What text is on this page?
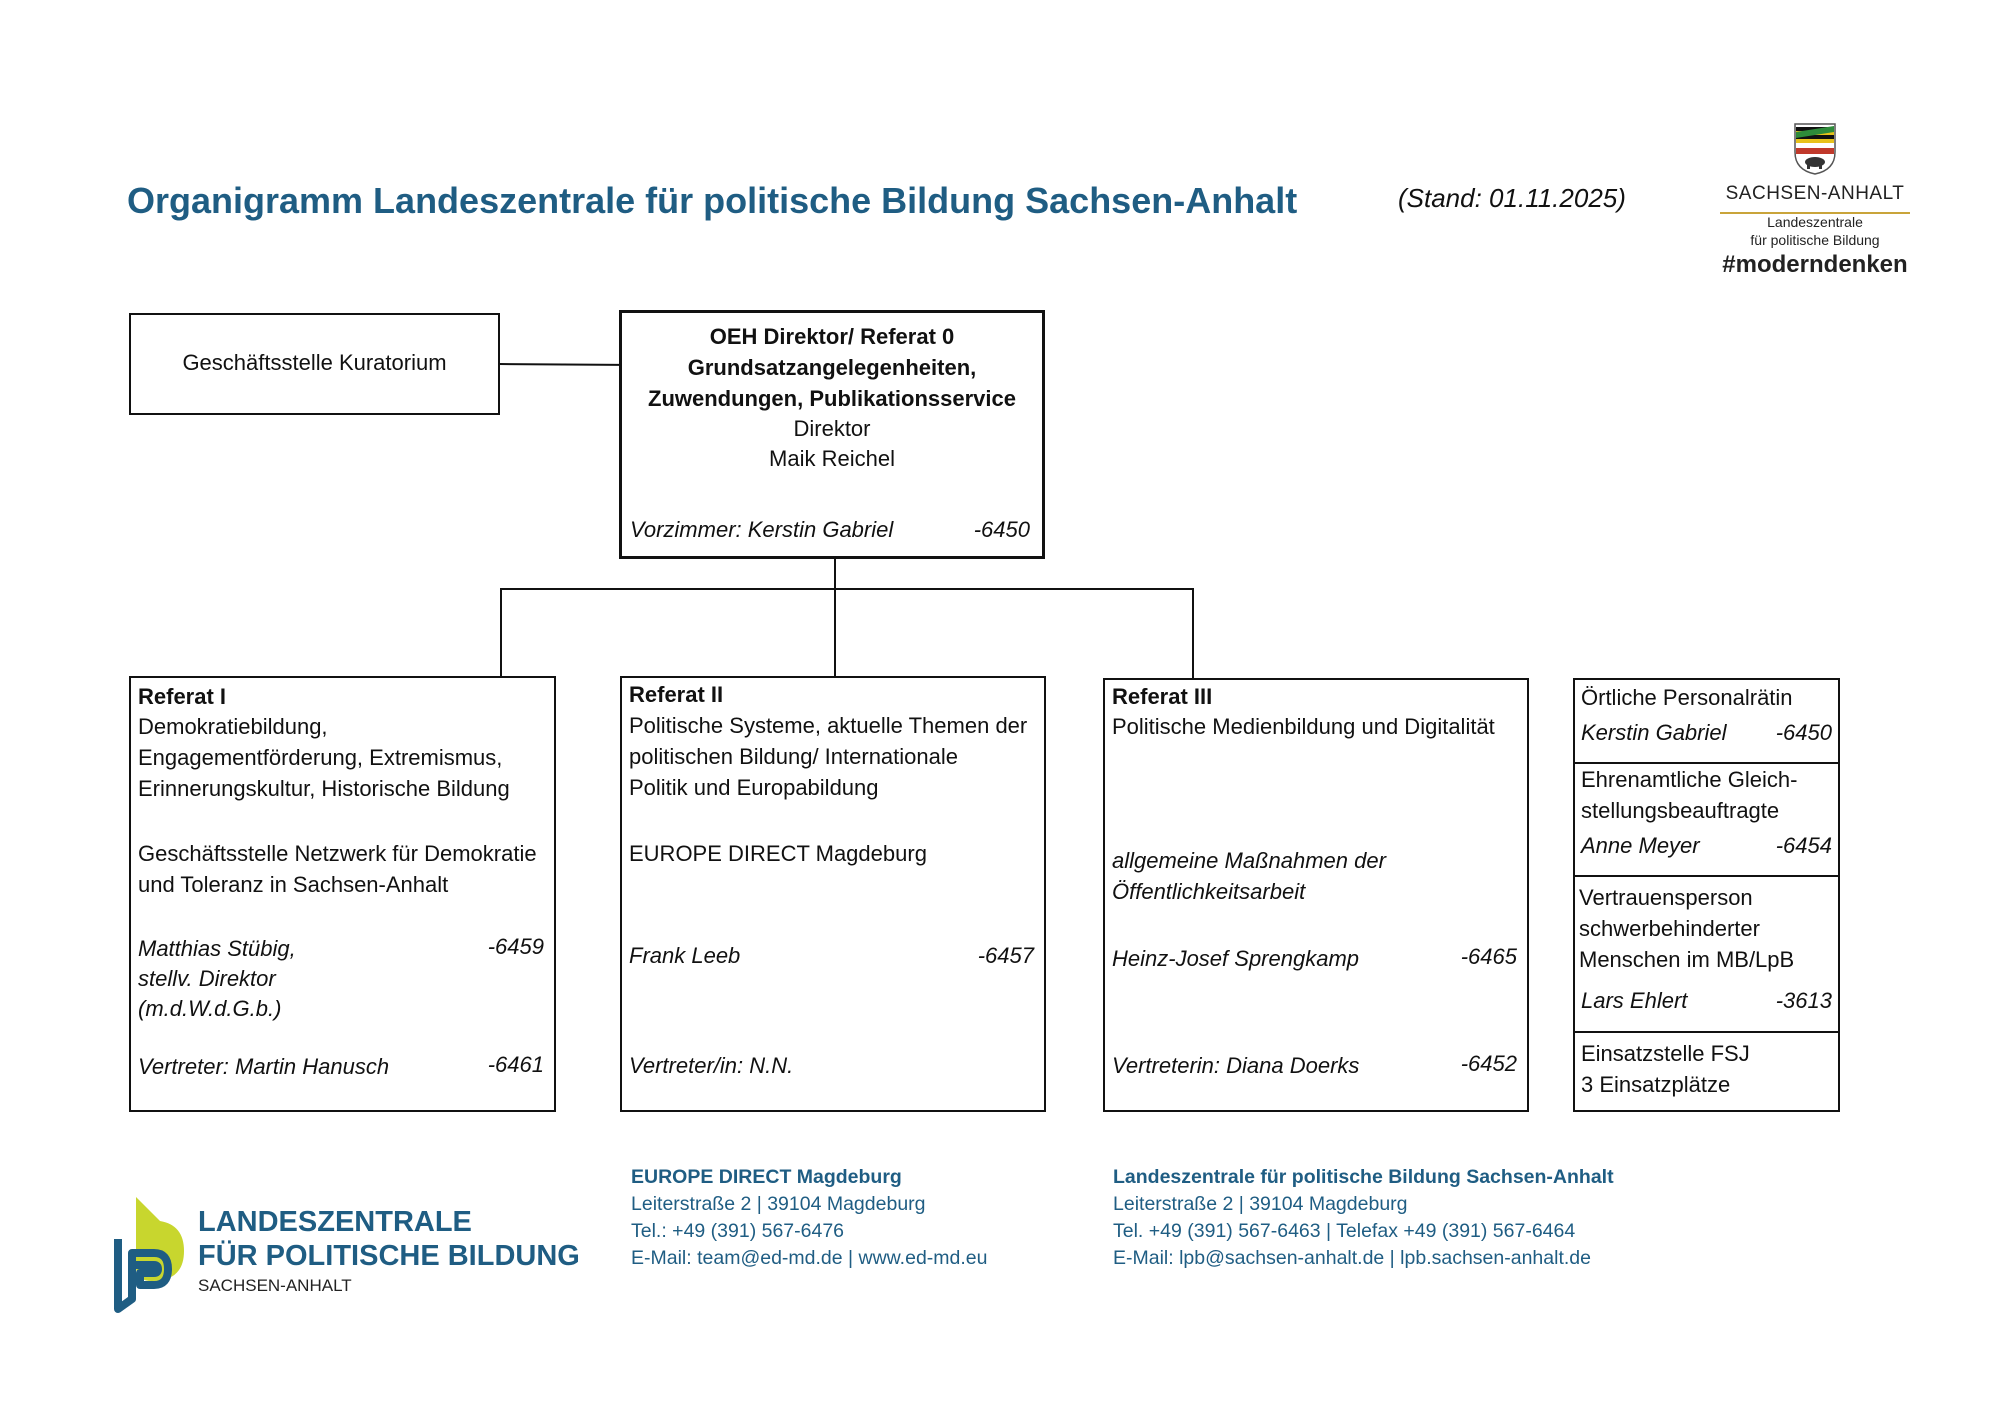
Organigramm Landeszentrale für politische Bildung Sachsen-Anhalt	(Stand: 01.11.2025)	SACHSEN-ANHALT
Landeszentrale
für politische Bildung
#moderndenken
Geschäftsstelle Kuratorium
OEH Direktor/ Referat 0
Grundsatzangelegenheiten,
Zuwendungen, Publikationsservice
Direktor
Maik Reichel
Vorzimmer: Kerstin Gabriel	-6450
Referat I
Demokratiebildung,
Engagementförderung, Extremismus,
Erinnerungskultur, Historische Bildung
Geschäftsstelle Netzwerk für Demokratie
und Toleranz in Sachsen-Anhalt
Matthias Stübig,
stellv. Direktor
(m.d.W.d.G.b.)
-6459
Vertreter: Martin Hanusch	-6461
Referat II
Politische Systeme, aktuelle Themen der
politischen Bildung/ Internationale
Politik und Europabildung
EUROPE DIRECT Magdeburg
Frank Leeb	-6457
Vertreter/in: N.N.
Referat III
Politische Medienbildung und Digitalität
allgemeine Maßnahmen der
Öffentlichkeitsarbeit
Heinz-Josef Sprengkamp	-6465
Vertreterin: Diana Doerks	-6452
Örtliche Personalrätin
Kerstin Gabriel -6450
Ehrenamtliche Gleich-
stellungsbeauftragte
Anne Meyer	-6454
Vertrauensperson
schwerbehinderter
Menschen im MB/LpB
Lars Ehlert	-3613
Einsatzstelle FSJ
3 Einsatzplätze
LANDESZENTRALE
FÜR POLITISCHE BILDUNG
SACHSEN-ANHALT
EUROPE DIRECT Magdeburg
Leiterstraße 2 | 39104 Magdeburg
Tel.: +49 (391) 567-6476
E-Mail: team@ed-md.de | www.ed-md.eu
Landeszentrale für politische Bildung Sachsen-Anhalt
Leiterstraße 2 | 39104 Magdeburg
Tel. +49 (391) 567-6463 | Telefax +49 (391) 567-6464
E-Mail: lpb@sachsen-anhalt.de | lpb.sachsen-anhalt.de
